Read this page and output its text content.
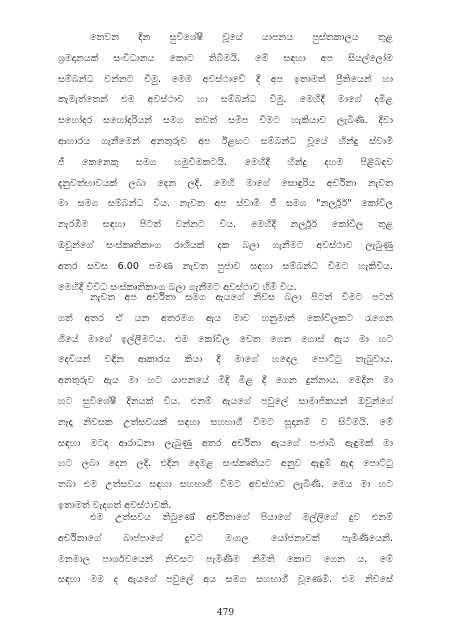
තෙවන දින සුවිශේෂී වූයේ යාපනය පුස්තකාලය තුළ
ශ්‍රමදානයක් සංවිධානය කොට තිබීමයි. මේ සඳහා අප සියල්ලෝම
සම්බන්ධ වන්නට වීමු. මෙම අවස්ථාවේ දී අප ඉතාමත් ප්‍රීතියෙන් හා
කැමැත්තෙන් එම අවස්ථාව හා සම්බන්ධ වීමු. මෙහිදී මාගේ දමිළ
සහෝදර සහෝදරියන් සමග තවත් සමීප වීමට හැකියාව ලැබිණි. දිවා
ආහාරය ගැනීමෙන් අනතුරුව අප ඊළඟට සම්බන්ධ වූයේ හින්දු ස්වාමී
ජී කෙනෙකු සමග හමුවීමකටයි. මෙහිදී හින්දු දහම පිළිබඳව
දැනුවත්භාවයක් ලබා දෙන ලදි. මෙහි මාගේ සොඳුරිය අර්චිතා නැවත
මා සමග සම්බන්ධ විය. නැවත අප ස්වාමී ජී සමග "නර්ලූර්" කෝවිල
නැරඹීම සඳහා පිටත් වන්නට විය. මෙහිදී නර්ලූර් කෝවිල තුළ
ඔවුන්ගේ සංස්කෘතිකාංග රාශියක් දක බලා ගැනීමට අවස්ථාව ලැබුණු
අතර සවස 6.00 පමණ නැවත පුජාව සඳහා සම්බන්ධ වීමට හැකිවිය.
මෙහිදී විවිධ සංස්කෘතිකාංග බලා ගැනීමට අවස්ථාව හිමි විය.
නැවත අප අර්චිතා සමග ඇයගේ නිවස බලා පිටත් වීමට පටන්
ගත් අතර ඒ යන අතරමග ඇය මාව හනුමාන් කෝවිලකට රැගෙන
ගියේ මාගේ ඉල්ලීමටය. එම කෝවිල වෙත ගෙන ගොස් ඇය මා හට
දෙවියන් වඳින ආකාරය කියා දී මාගේ හදෙල පොට්ටු තැබුවාය.
අනතුරුව ඇය මා හට යාපනයේ මිදි මිළ දී ගෙන දුන්නාය. මෙදින මා
හට සුවිශේෂී දිනයක් විය. එනම් ඇයගේ පවුලේ සාමාජිකයන් ඔවුන්ගේ
නෑදෑ නිවසක උත්සවයක් සඳහා සහභාගී වීමට සූදානම් ව සිටිමයි. මේ
සඳහා මටද ආරාධනා ලැබුණු අතර අර්චිතා ඇයගේ පංජාබි ඇඳුමක් මා
හට ලබා දෙන ලදි. එදින දෙමළ සංස්කෘතියට අනුව ඇඳුම් ඇඳ පොට්ටු
තබා එම උත්සවය සඳහා සහභාගී වීමට අවස්ථාව ලැබිණි. මෙය මා හට
ඉතාමත් වැදගත් අවස්ථාවකි.
එම උත්සවය තිබුණේ අර්චිතාගේ පියාගේ මල්ලිගේ දුව එනම්
අර්චිතාගේ බාප්පාගේ දුවට මංගල යෝජනාවක් පැමිණියෙනි.
මනමාල පාර්ශවයෙන් නිවසට පැමිණීම නිමිති කොට ගෙන ය. මේ
සඳහා මම ද ඇයගේ පවුලේ අය සමග සහභාගී වූණෙමි. එම නිවසේ
479
